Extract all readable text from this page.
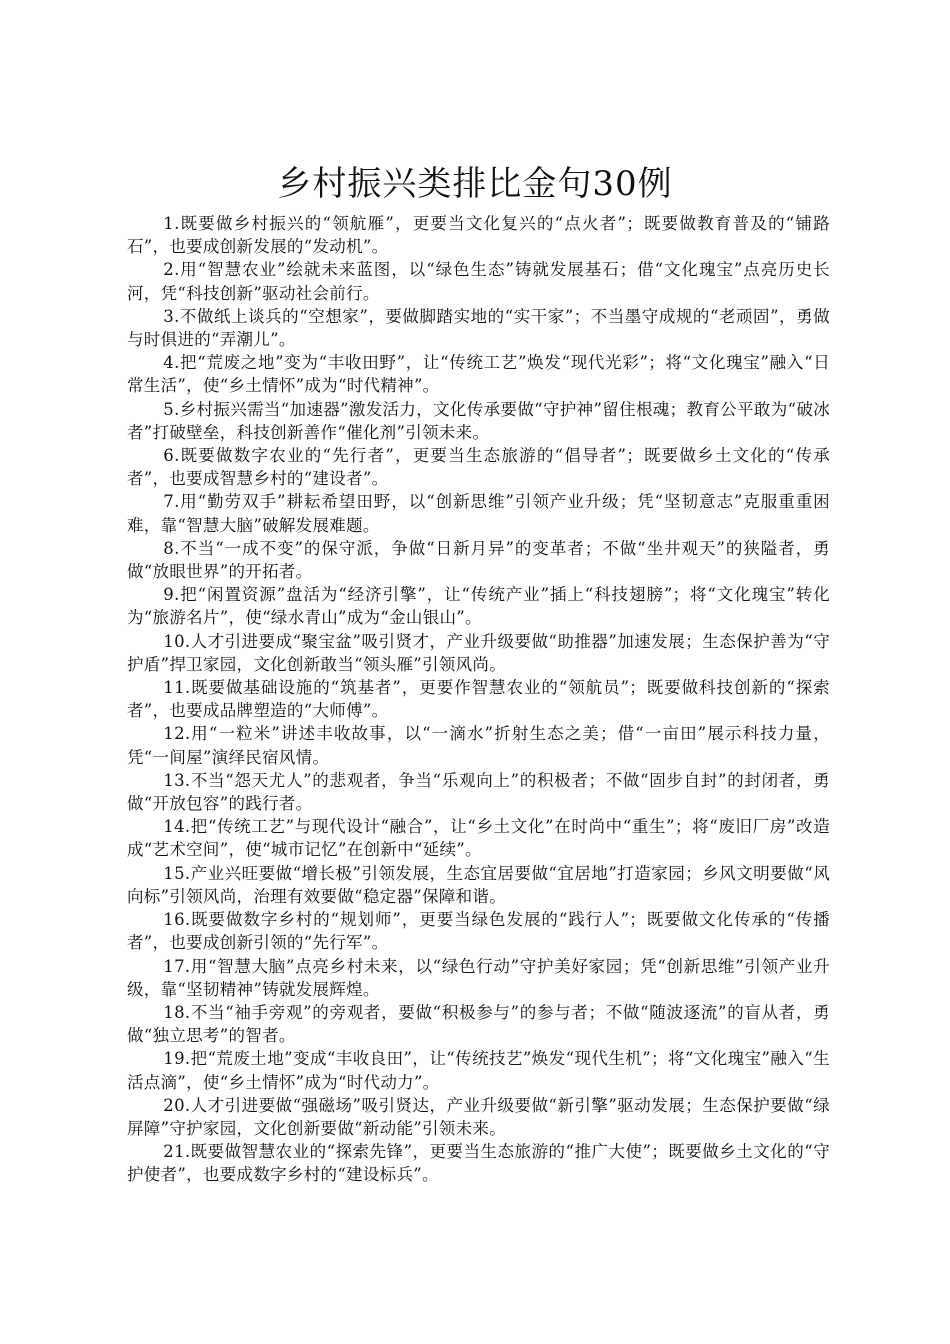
乡村振兴类排比金句30例

1.既要做乡村振兴的“领航雁”，更要当文化复兴的“点火者”；既要做教育普及的“铺路石”，也要成创新发展的“发动机”。

2.用“智慧农业”绘就未来蓝图，以“绿色生态”铸就发展基石；借“文化瑰宝”点亮历史长河，凭“科技创新”驱动社会前行。

3.不做纸上谈兵的“空想家”，要做脚踏实地的“实干家”；不当墨守成规的“老顽固”，勇做与时俱进的“弄潮儿”。

4.把“荒废之地”变为“丰收田野”，让“传统工艺”焕发“现代光彩”；将“文化瑰宝”融入“日常生活”，使“乡土情怀”成为“时代精神”。

5.乡村振兴需当“加速器”激发活力，文化传承要做“守护神”留住根魂；教育公平敢为“破冰者”打破壁垒，科技创新善作“催化剂”引领未来。

6.既要做数字农业的“先行者”，更要当生态旅游的“倡导者”；既要做乡土文化的“传承者”，也要成智慧乡村的“建设者”。

7.用“勤劳双手”耕耘希望田野，以“创新思维”引领产业升级；凭“坚韧意志”克服重重困难，靠“智慧大脑”破解发展难题。

8.不当“一成不变”的保守派，争做“日新月异”的变革者；不做“坐井观天”的狭隘者，勇做“放眼世界”的开拓者。

9.把“闲置资源”盘活为“经济引擎”，让“传统产业”插上“科技翅膀”；将“文化瑰宝”转化为“旅游名片”，使“绿水青山”成为“金山银山”。

10.人才引进要成“聚宝盆”吸引贤才，产业升级要做“助推器”加速发展；生态保护善为“守护盾”捍卫家园，文化创新敢当“领头雁”引领风尚。

11.既要做基础设施的“筑基者”，更要作智慧农业的“领航员”；既要做科技创新的“探索者”，也要成品牌塑造的“大师傅”。

12.用“一粒米”讲述丰收故事，以“一滴水”折射生态之美；借“一亩田”展示科技力量，凭“一间屋”演绎民宿风情。

13.不当“怨天尤人”的悲观者，争当“乐观向上”的积极者；不做“固步自封”的封闭者，勇做“开放包容”的践行者。

14.把“传统工艺”与现代设计“融合”，让“乡土文化”在时尚中“重生”；将“废旧厂房”改造成“艺术空间”，使“城市记忆”在创新中“延续”。

15.产业兴旺要做“增长极”引领发展，生态宜居要做“宜居地”打造家园；乡风文明要做“风向标”引领风尚，治理有效要做“稳定器”保障和谐。

16.既要做数字乡村的“规划师”，更要当绿色发展的“践行人”；既要做文化传承的“传播者”，也要成创新引领的“先行军”。

17.用“智慧大脑”点亮乡村未来，以“绿色行动”守护美好家园；凭“创新思维”引领产业升级，靠“坚韧精神”铸就发展辉煌。

18.不当“袖手旁观”的旁观者，要做“积极参与”的参与者；不做“随波逐流”的盲从者，勇做“独立思考”的智者。

19.把“荒废土地”变成“丰收良田”，让“传统技艺”焕发“现代生机”；将“文化瑰宝”融入“生活点滴”，使“乡土情怀”成为“时代动力”。

20.人才引进要做“强磁场”吸引贤达，产业升级要做“新引擎”驱动发展；生态保护要做“绿屏障”守护家园，文化创新要做“新动能”引领未来。

21.既要做智慧农业的“探索先锋”，更要当生态旅游的“推广大使”；既要做乡土文化的“守护使者”，也要成数字乡村的“建设标兵”。
